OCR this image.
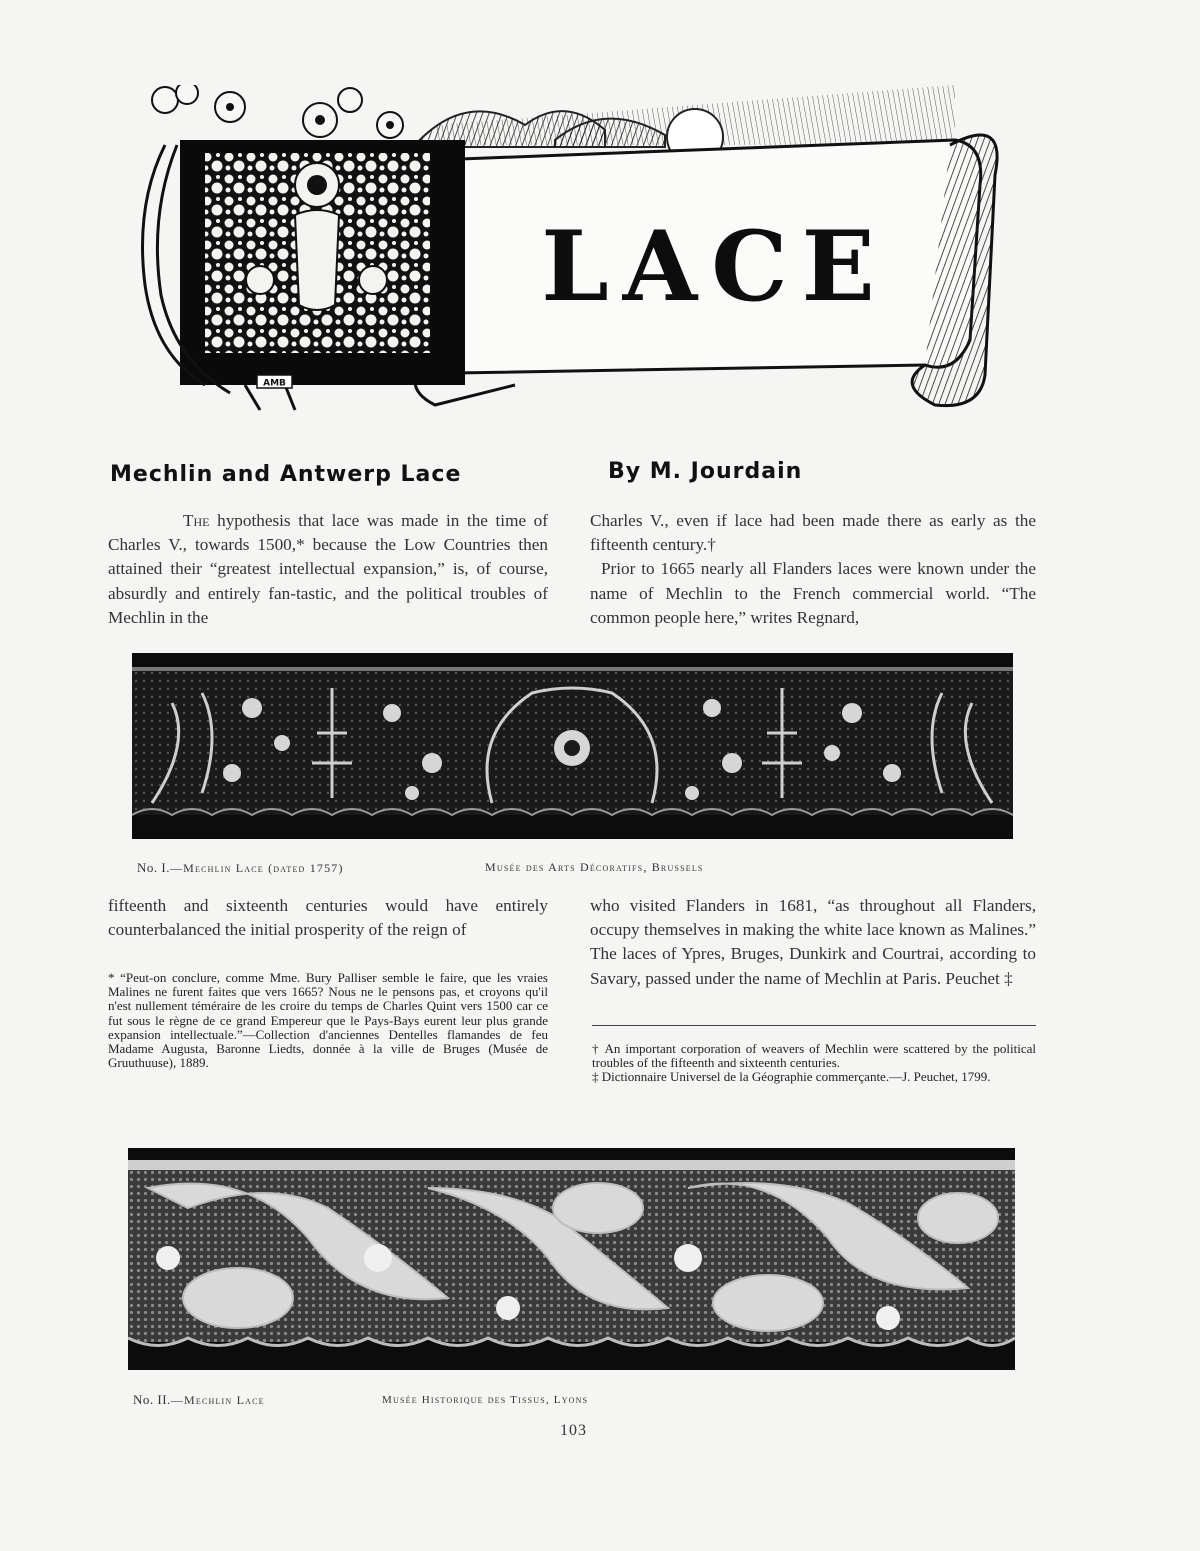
AMB
LACE
Mechlin and Antwerp Lace	By M. Jourdain

The hypothesis that lace was made in the time of Charles V., towards 1500,* because the Low Countries then attained their “greatest intellectual expansion,” is, of course, absurdly and entirely fan-tastic, and the political troubles of Mechlin in the

Charles V., even if lace had been made there as early as the fifteenth century.†

Prior to 1665 nearly all Flanders laces were known under the name of Mechlin to the French commercial world. “The common people here,” writes Regnard,

No. I.—Mechlin Lace (dated 1757)	Musée des Arts Décoratifs, Brussels

fifteenth and sixteenth centuries would have entirely counterbalanced the initial prosperity of the reign of

who visited Flanders in 1681, “as throughout all Flanders, occupy themselves in making the white lace known as Malines.” The laces of Ypres, Bruges, Dunkirk and Courtrai, according to Savary, passed under the name of Mechlin at Paris. Peuchet ‡

* “Peut-on conclure, comme Mme. Bury Palliser semble le faire, que les vraies Malines ne furent faites que vers 1665? Nous ne le pensons pas, et croyons qu'il n'est nullement téméraire de les croire du temps de Charles Quint vers 1500 car ce fut sous le règne de ce grand Empereur que le Pays-Bays eurent leur plus grande expansion intellectuale.”—Collection d'anciennes Dentelles flamandes de feu Madame Augusta, Baronne Liedts, donnée à la ville de Bruges (Musée de Gruuthuuse), 1889.

† An important corporation of weavers of Mechlin were scattered by the political troubles of the fifteenth and sixteenth centuries.

‡ Dictionnaire Universel de la Géographie commerçante.—J. Peuchet, 1799.

No. II.—Mechlin Lace	Musée Historique des Tissus, Lyons
103
